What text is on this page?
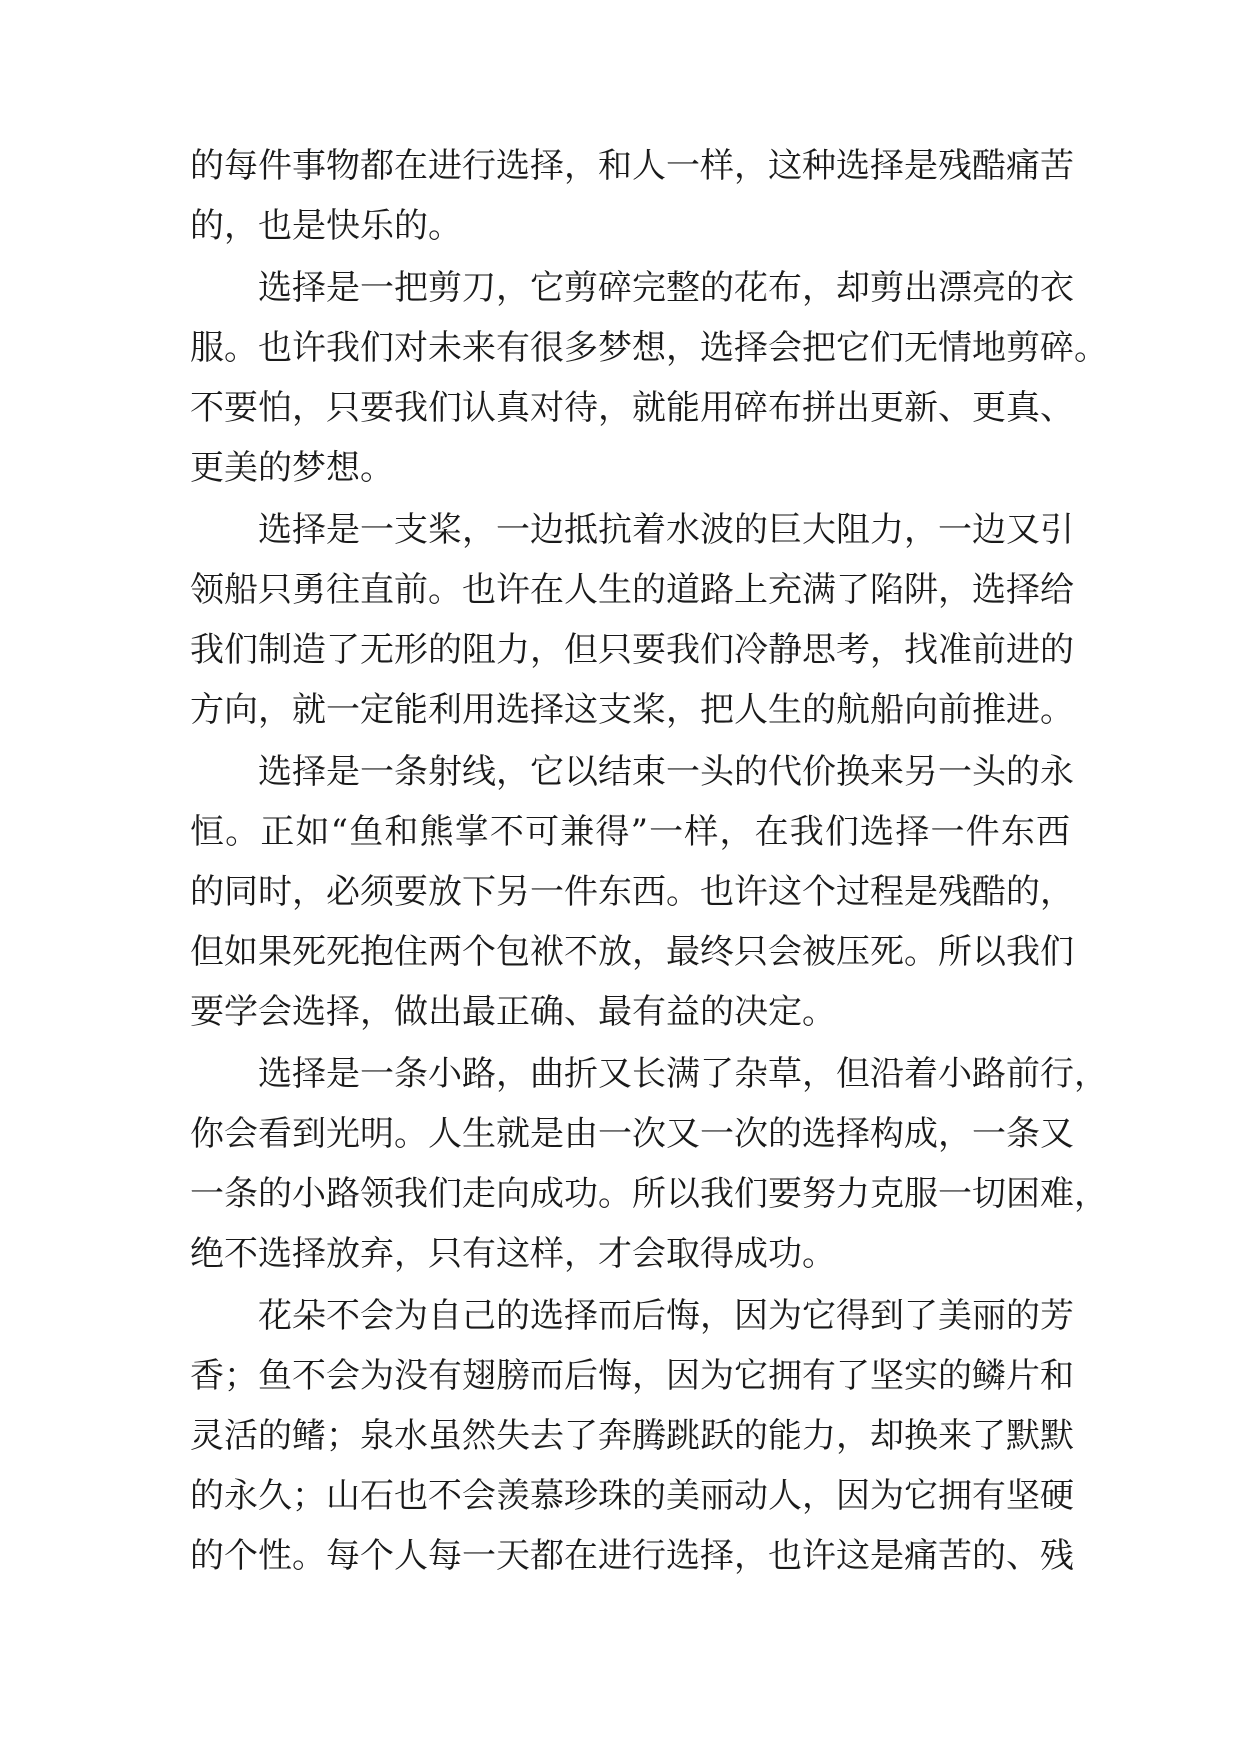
的每件事物都在进行选择，和人一样，这种选择是残酷痛苦
的，也是快乐的。
选择是一把剪刀，它剪碎完整的花布，却剪出漂亮的衣
服。也许我们对未来有很多梦想，选择会把它们无情地剪碎。
不要怕，只要我们认真对待，就能用碎布拼出更新、更真、
更美的梦想。
选择是一支桨，一边抵抗着水波的巨大阻力，一边又引
领船只勇往直前。也许在人生的道路上充满了陷阱，选择给
我们制造了无形的阻力，但只要我们冷静思考，找准前进的
方向，就一定能利用选择这支桨，把人生的航船向前推进。
选择是一条射线，它以结束一头的代价换来另一头的永
恒。正如“鱼和熊掌不可兼得”一样，在我们选择一件东西
的同时，必须要放下另一件东西。也许这个过程是残酷的，
但如果死死抱住两个包袱不放，最终只会被压死。所以我们
要学会选择，做出最正确、最有益的决定。
选择是一条小路，曲折又长满了杂草，但沿着小路前行，
你会看到光明。人生就是由一次又一次的选择构成，一条又
一条的小路领我们走向成功。所以我们要努力克服一切困难，
绝不选择放弃，只有这样，才会取得成功。
花朵不会为自己的选择而后悔，因为它得到了美丽的芳
香；鱼不会为没有翅膀而后悔，因为它拥有了坚实的鳞片和
灵活的鳍；泉水虽然失去了奔腾跳跃的能力，却换来了默默
的永久；山石也不会羡慕珍珠的美丽动人，因为它拥有坚硬
的个性。每个人每一天都在进行选择，也许这是痛苦的、残
